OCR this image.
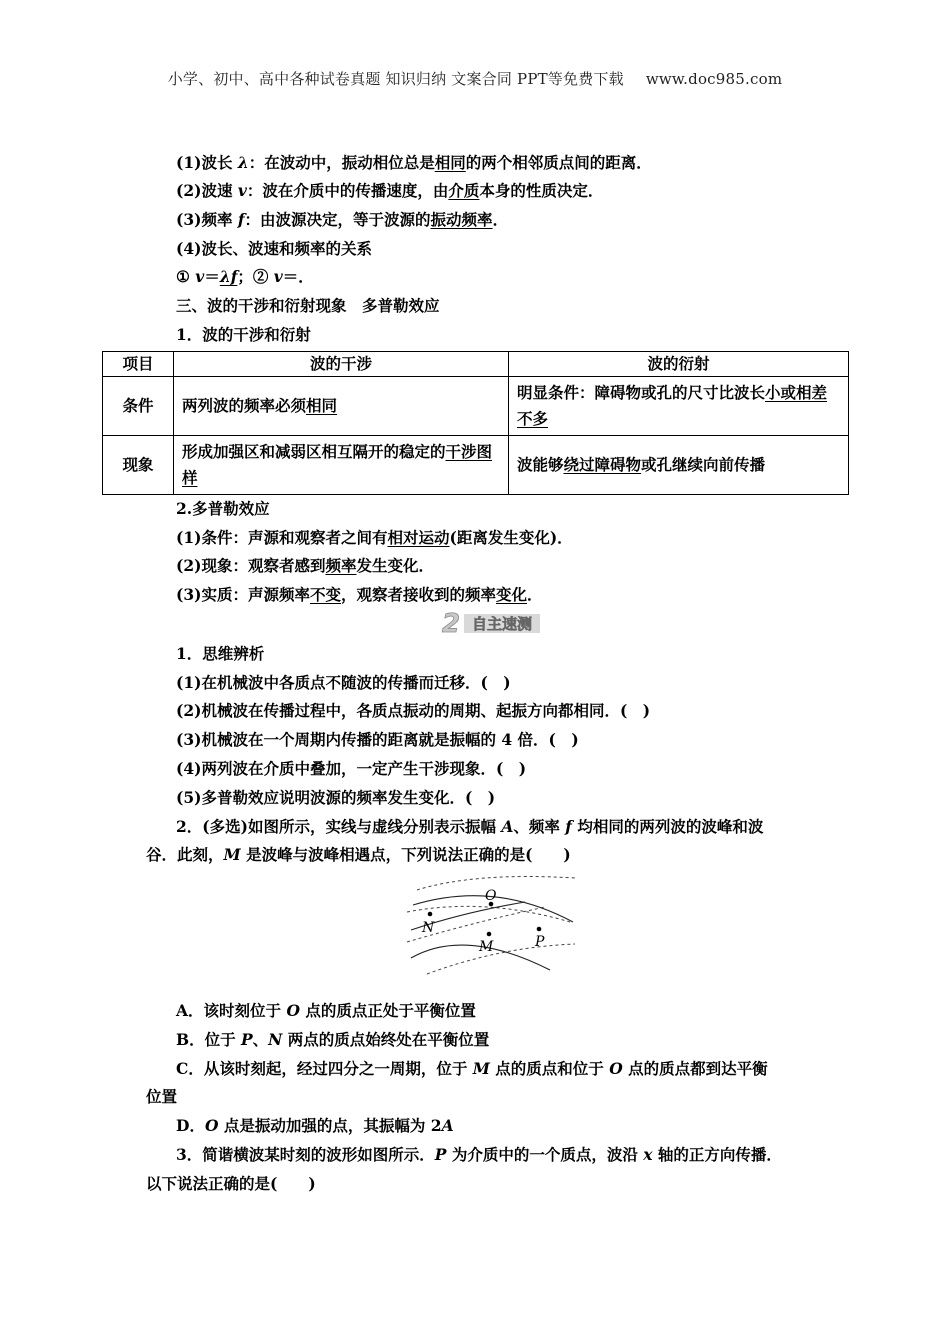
小学、初中、高中各种试卷真题 知识归纳 文案合同 PPT等免费下载 www.doc985.com
(1)波长 λ：在波动中，振动相位总是相同的两个相邻质点间的距离．
(2)波速 v：波在介质中的传播速度，由介质本身的性质决定．
(3)频率 f：由波源决定，等于波源的振动频率．
(4)波长、波速和频率的关系
① v＝λf；② v＝．
三、波的干涉和衍射现象　多普勒效应
1．波的干涉和衍射
项目	波的干涉	波的衍射
条件	两列波的频率必须相同	明显条件：障碍物或孔的尺寸比波长小或相差不多
现象	形成加强区和减弱区相互隔开的稳定的干涉图样	波能够绕过障碍物或孔继续向前传播
2.多普勒效应
(1)条件：声源和观察者之间有相对运动(距离发生变化)．
(2)现象：观察者感到频率发生变化．
(3)实质：声源频率不变，观察者接收到的频率变化．
2 自主速测
1．思维辨析
(1)在机械波中各质点不随波的传播而迁移．(　)
(2)机械波在传播过程中，各质点振动的周期、起振方向都相同．(　)
(3)机械波在一个周期内传播的距离就是振幅的 4 倍．(　)
(4)两列波在介质中叠加，一定产生干涉现象．(　)
(5)多普勒效应说明波源的频率发生变化．(　)
2．(多选)如图所示，实线与虚线分别表示振幅 A、频率 f 均相同的两列波的波峰和波
谷．此刻，M 是波峰与波峰相遇点，下列说法正确的是(　　)
O
N
M	P
A．该时刻位于 O 点的质点正处于平衡位置
B．位于 P、N 两点的质点始终处在平衡位置
C．从该时刻起，经过四分之一周期，位于 M 点的质点和位于 O 点的质点都到达平衡
位置
D．O 点是振动加强的点，其振幅为 2A
3．简谐横波某时刻的波形如图所示．P 为介质中的一个质点，波沿 x 轴的正方向传播．
以下说法正确的是(　　)
